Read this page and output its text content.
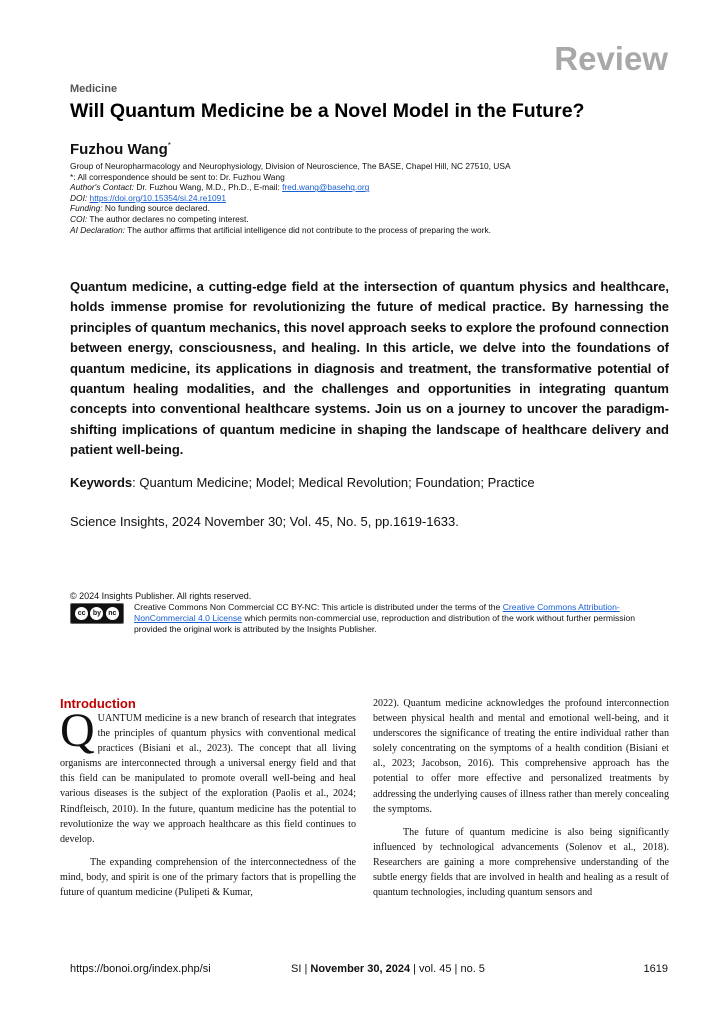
Review
Medicine
Will Quantum Medicine be a Novel Model in the Future?
Fuzhou Wang*
Group of Neuropharmacology and Neurophysiology, Division of Neuroscience, The BASE, Chapel Hill, NC 27510, USA
*: All correspondence should be sent to: Dr. Fuzhou Wang
Author's Contact: Dr. Fuzhou Wang, M.D., Ph.D., E-mail: fred.wang@basehq.org
DOI: https://doi.org/10.15354/si.24.re1091
Funding: No funding source declared.
COI: The author declares no competing interest.
AI Declaration: The author affirms that artificial intelligence did not contribute to the process of preparing the work.
Quantum medicine, a cutting-edge field at the intersection of quantum physics and healthcare, holds immense promise for revolutionizing the future of medical practice. By harnessing the principles of quantum mechanics, this novel approach seeks to explore the profound connection between energy, consciousness, and healing. In this article, we delve into the foundations of quantum medicine, its applications in diagnosis and treatment, the transformative potential of quantum healing modalities, and the challenges and opportunities in integrating quantum concepts into conventional healthcare systems. Join us on a journey to uncover the paradigm-shifting implications of quantum medicine in shaping the landscape of healthcare delivery and patient well-being.
Keywords: Quantum Medicine; Model; Medical Revolution; Foundation; Practice
Science Insights, 2024 November 30; Vol. 45, No. 5, pp.1619-1633.
© 2024 Insights Publisher. All rights reserved.
cc	by	nc
Creative Commons Non Commercial CC BY-NC: This article is distributed under the terms of the Creative Commons Attribution-NonCommercial 4.0 License which permits non-commercial use, reproduction and distribution of the work without further permission provided the original work is attributed by the Insights Publisher.
Introduction

QUANTUM medicine is a new branch of research that integrates the principles of quantum physics with conventional medical practices (Bisiani et al., 2023). The concept that all living organisms are interconnected through a universal energy field and that this field can be manipulated to promote overall well-being and heal various diseases is the subject of the exploration (Paolis et al., 2024; Rindfleisch, 2010). In the future, quantum medicine has the potential to revolutionize the way we approach healthcare as this field continues to develop.

The expanding comprehension of the interconnectedness of the mind, body, and spirit is one of the primary factors that is propelling the future of quantum medicine (Pulipeti & Kumar,

2022). Quantum medicine acknowledges the profound interconnection between physical health and mental and emotional well-being, and it underscores the significance of treating the entire individual rather than solely concentrating on the symptoms of a health condition (Bisiani et al., 2023; Jacobson, 2016). This comprehensive approach has the potential to offer more effective and personalized treatments by addressing the underlying causes of illness rather than merely concealing the symptoms.

The future of quantum medicine is also being significantly influenced by technological advancements (Solenov et al., 2018). Researchers are gaining a more comprehensive understanding of the subtle energy fields that are involved in health and healing as a result of quantum technologies, including quantum sensors and

https://bonoi.org/index.php/si	SI | November 30, 2024 | vol. 45 | no. 5	1619
